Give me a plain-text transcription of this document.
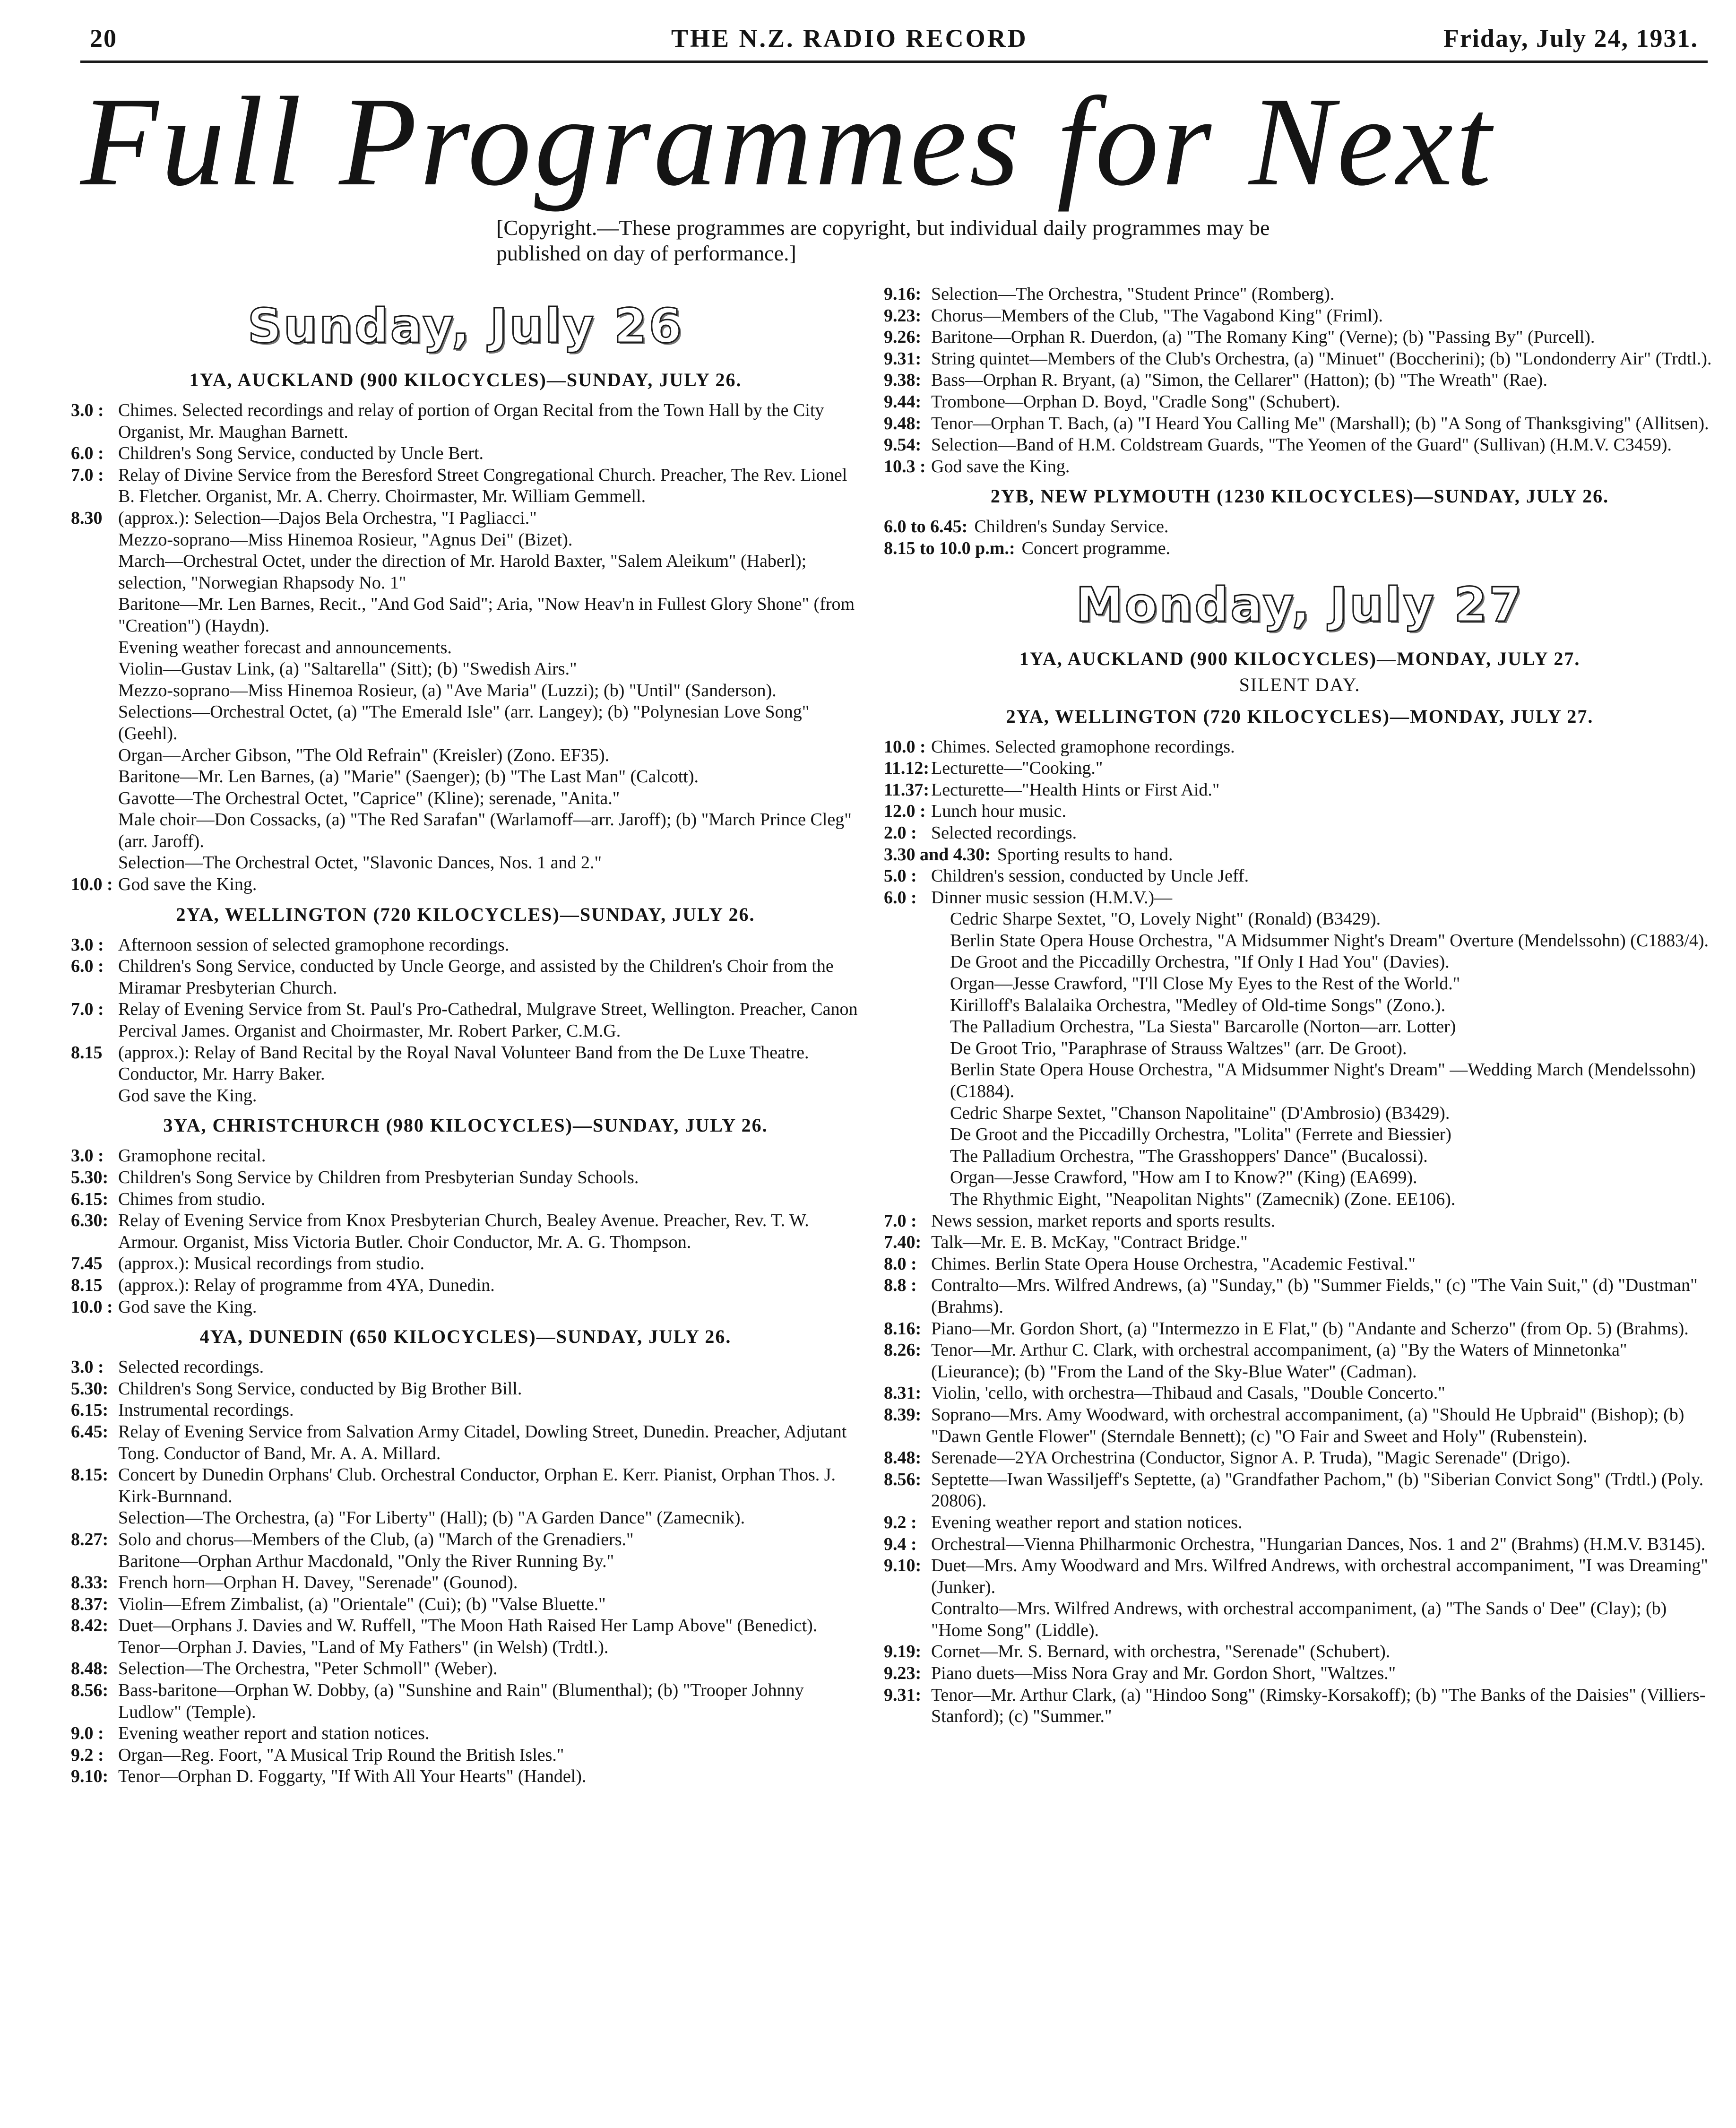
20	THE N.Z. RADIO RECORD	Friday, July 24, 1931.
Full Programmes for Next
[Copyright.—These programmes are copyright, but individual daily programmes may be published on day of performance.]
Sunday, July 26
1YA, AUCKLAND (900 KILOCYCLES)—SUNDAY, JULY 26.
3.0 : Chimes. Selected recordings and relay of portion of Organ Recital from the Town Hall by the City Organist, Mr. Maughan Barnett.
6.0 : Children's Song Service, conducted by Uncle Bert.
7.0 : Relay of Divine Service from the Beresford Street Congregational Church. Preacher, The Rev. Lionel B. Fletcher. Organist, Mr. A. Cherry. Choirmaster, Mr. William Gemmell.
8.30 (approx.): Selection—Dajos Bela Orchestra, "I Pagliacci."
Mezzo-soprano—Miss Hinemoa Rosieur, "Agnus Dei" (Bizet).
March—Orchestral Octet, under the direction of Mr. Harold Baxter, "Salem Aleikum" (Haberl); selection, "Norwegian Rhapsody No. 1"
Baritone—Mr. Len Barnes, Recit., "And God Said"; Aria, "Now Heav'n in Fullest Glory Shone" (from "Creation") (Haydn).
Evening weather forecast and announcements.
Violin—Gustav Link, (a) "Saltarella" (Sitt); (b) "Swedish Airs."
Mezzo-soprano—Miss Hinemoa Rosieur, (a) "Ave Maria" (Luzzi); (b) "Until" (Sanderson).
Selections—Orchestral Octet, (a) "The Emerald Isle" (arr. Langey); (b) "Polynesian Love Song" (Geehl).
Organ—Archer Gibson, "The Old Refrain" (Kreisler) (Zono. EF35).
Baritone—Mr. Len Barnes, (a) "Marie" (Saenger); (b) "The Last Man" (Calcott).
Gavotte—The Orchestral Octet, "Caprice" (Kline); serenade, "Anita."
Male choir—Don Cossacks, (a) "The Red Sarafan" (Warlamoff—arr. Jaroff); (b) "March Prince Cleg" (arr. Jaroff).
Selection—The Orchestral Octet, "Slavonic Dances, Nos. 1 and 2."
10.0 : God save the King.
2YA, WELLINGTON (720 KILOCYCLES)—SUNDAY, JULY 26.
3.0 : Afternoon session of selected gramophone recordings.
6.0 : Children's Song Service, conducted by Uncle George, and assisted by the Children's Choir from the Miramar Presbyterian Church.
7.0 : Relay of Evening Service from St. Paul's Pro-Cathedral, Mulgrave Street, Wellington. Preacher, Canon Percival James. Organist and Choirmaster, Mr. Robert Parker, C.M.G.
8.15 (approx.): Relay of Band Recital by the Royal Naval Volunteer Band from the De Luxe Theatre. Conductor, Mr. Harry Baker.
God save the King.
3YA, CHRISTCHURCH (980 KILOCYCLES)—SUNDAY, JULY 26.
3.0 : Gramophone recital.
5.30: Children's Song Service by Children from Presbyterian Sunday Schools.
6.15: Chimes from studio.
6.30: Relay of Evening Service from Knox Presbyterian Church, Bealey Avenue. Preacher, Rev. T. W. Armour. Organist, Miss Victoria Butler. Choir Conductor, Mr. A. G. Thompson.
7.45 (approx.): Musical recordings from studio.
8.15 (approx.): Relay of programme from 4YA, Dunedin.
10.0 : God save the King.
4YA, DUNEDIN (650 KILOCYCLES)—SUNDAY, JULY 26.
3.0 : Selected recordings.
5.30: Children's Song Service, conducted by Big Brother Bill.
6.15: Instrumental recordings.
6.45: Relay of Evening Service from Salvation Army Citadel, Dowling Street, Dunedin. Preacher, Adjutant Tong. Conductor of Band, Mr. A. A. Millard.
8.15: Concert by Dunedin Orphans' Club. Orchestral Conductor, Orphan E. Kerr. Pianist, Orphan Thos. J. Kirk-Burnnand.
Selection—The Orchestra, (a) "For Liberty" (Hall); (b) "A Garden Dance" (Zamecnik).
8.27: Solo and chorus—Members of the Club, (a) "March of the Grenadiers."
Baritone—Orphan Arthur Macdonald, "Only the River Running By."
8.33: French horn—Orphan H. Davey, "Serenade" (Gounod).
8.37: Violin—Efrem Zimbalist, (a) "Orientale" (Cui); (b) "Valse Bluette."
8.42: Duet—Orphans J. Davies and W. Ruffell, "The Moon Hath Raised Her Lamp Above" (Benedict).
Tenor—Orphan J. Davies, "Land of My Fathers" (in Welsh) (Trdtl.).
8.48: Selection—The Orchestra, "Peter Schmoll" (Weber).
8.56: Bass-baritone—Orphan W. Dobby, (a) "Sunshine and Rain" (Blumenthal); (b) "Trooper Johnny Ludlow" (Temple).
9.0 : Evening weather report and station notices.
9.2 : Organ—Reg. Foort, "A Musical Trip Round the British Isles."
9.10: Tenor—Orphan D. Foggarty, "If With All Your Hearts" (Handel).
9.16: Selection—The Orchestra, "Student Prince" (Romberg).
9.23: Chorus—Members of the Club, "The Vagabond King" (Friml).
9.26: Baritone—Orphan R. Duerdon, (a) "The Romany King" (Verne); (b) "Passing By" (Purcell).
9.31: String quintet—Members of the Club's Orchestra, (a) "Minuet" (Boccherini); (b) "Londonderry Air" (Trdtl.).
9.38: Bass—Orphan R. Bryant, (a) "Simon, the Cellarer" (Hatton); (b) "The Wreath" (Rae).
9.44: Trombone—Orphan D. Boyd, "Cradle Song" (Schubert).
9.48: Tenor—Orphan T. Bach, (a) "I Heard You Calling Me" (Marshall); (b) "A Song of Thanksgiving" (Allitsen).
9.54: Selection—Band of H.M. Coldstream Guards, "The Yeomen of the Guard" (Sullivan) (H.M.V. C3459).
10.3 : God save the King.
2YB, NEW PLYMOUTH (1230 KILOCYCLES)—SUNDAY, JULY 26.
6.0 to 6.45: Children's Sunday Service.
8.15 to 10.0 p.m.: Concert programme.
Monday, July 27
1YA, AUCKLAND (900 KILOCYCLES)—MONDAY, JULY 27.
SILENT DAY.
2YA, WELLINGTON (720 KILOCYCLES)—MONDAY, JULY 27.
10.0 : Chimes. Selected gramophone recordings.
11.12: Lecturette—"Cooking."
11.37: Lecturette—"Health Hints or First Aid."
12.0 : Lunch hour music.
2.0 : Selected recordings.
3.30 and 4.30: Sporting results to hand.
5.0 : Children's session, conducted by Uncle Jeff.
6.0 : Dinner music session (H.M.V.)—
Cedric Sharpe Sextet, "O, Lovely Night" (Ronald) (B3429).
Berlin State Opera House Orchestra, "A Midsummer Night's Dream" Overture (Mendelssohn) (C1883/4).
De Groot and the Piccadilly Orchestra, "If Only I Had You" (Davies).
Organ—Jesse Crawford, "I'll Close My Eyes to the Rest of the World."
Kirilloff's Balalaika Orchestra, "Medley of Old-time Songs" (Zono.).
The Palladium Orchestra, "La Siesta" Barcarolle (Norton—arr. Lotter)
De Groot Trio, "Paraphrase of Strauss Waltzes" (arr. De Groot).
Berlin State Opera House Orchestra, "A Midsummer Night's Dream" —Wedding March (Mendelssohn) (C1884).
Cedric Sharpe Sextet, "Chanson Napolitaine" (D'Ambrosio) (B3429).
De Groot and the Piccadilly Orchestra, "Lolita" (Ferrete and Biessier)
The Palladium Orchestra, "The Grasshoppers' Dance" (Bucalossi).
Organ—Jesse Crawford, "How am I to Know?" (King) (EA699).
The Rhythmic Eight, "Neapolitan Nights" (Zamecnik) (Zone. EE106).
7.0 : News session, market reports and sports results.
7.40: Talk—Mr. E. B. McKay, "Contract Bridge."
8.0 : Chimes. Berlin State Opera House Orchestra, "Academic Festival."
8.8 : Contralto—Mrs. Wilfred Andrews, (a) "Sunday," (b) "Summer Fields," (c) "The Vain Suit," (d) "Dustman" (Brahms).
8.16: Piano—Mr. Gordon Short, (a) "Intermezzo in E Flat," (b) "Andante and Scherzo" (from Op. 5) (Brahms).
8.26: Tenor—Mr. Arthur C. Clark, with orchestral accompaniment, (a) "By the Waters of Minnetonka" (Lieurance); (b) "From the Land of the Sky-Blue Water" (Cadman).
8.31: Violin, 'cello, with orchestra—Thibaud and Casals, "Double Concerto."
8.39: Soprano—Mrs. Amy Woodward, with orchestral accompaniment, (a) "Should He Upbraid" (Bishop); (b) "Dawn Gentle Flower" (Sterndale Bennett); (c) "O Fair and Sweet and Holy" (Rubenstein).
8.48: Serenade—2YA Orchestrina (Conductor, Signor A. P. Truda), "Magic Serenade" (Drigo).
8.56: Septette—Iwan Wassiljeff's Septette, (a) "Grandfather Pachom," (b) "Siberian Convict Song" (Trdtl.) (Poly. 20806).
9.2 : Evening weather report and station notices.
9.4 : Orchestral—Vienna Philharmonic Orchestra, "Hungarian Dances, Nos. 1 and 2" (Brahms) (H.M.V. B3145).
9.10: Duet—Mrs. Amy Woodward and Mrs. Wilfred Andrews, with orchestral accompaniment, "I was Dreaming" (Junker).
Contralto—Mrs. Wilfred Andrews, with orchestral accompaniment, (a) "The Sands o' Dee" (Clay); (b) "Home Song" (Liddle).
9.19: Cornet—Mr. S. Bernard, with orchestra, "Serenade" (Schubert).
9.23: Piano duets—Miss Nora Gray and Mr. Gordon Short, "Waltzes."
9.31: Tenor—Mr. Arthur Clark, (a) "Hindoo Song" (Rimsky-Korsakoff); (b) "The Banks of the Daisies" (Villiers-Stanford); (c) "Summer."
